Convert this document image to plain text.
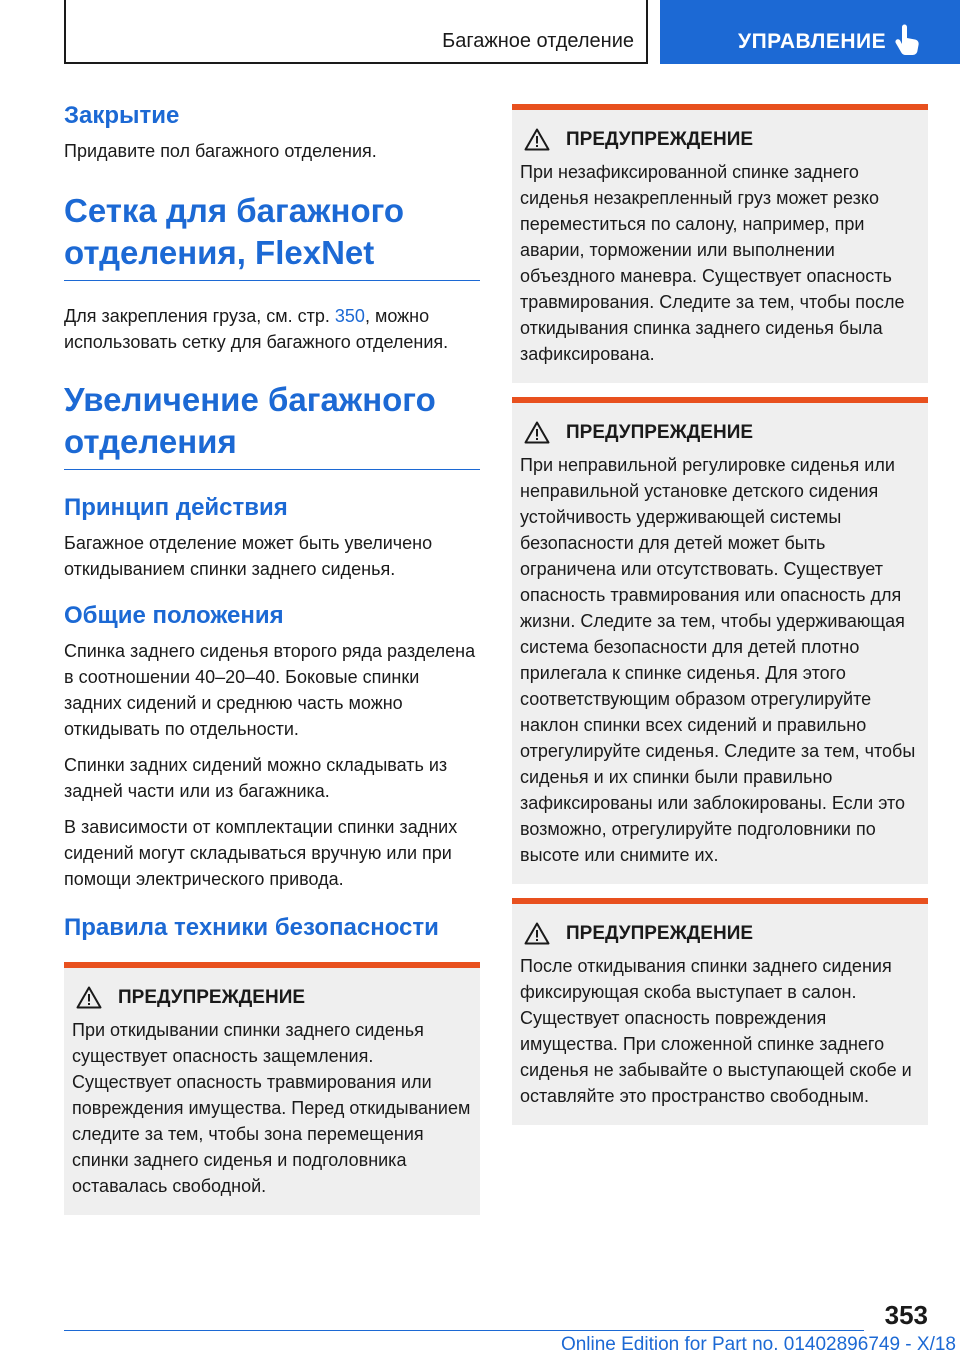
Багажное отделение	УПРАВЛЕНИЕ
Закрытие

Придавите пол багажного отделения.

Сетка для багажного отделения, FlexNet

Для закрепления груза, см. стр. 350, можно использовать сетку для багажного отделения.

Увеличение багажного отделения
Принцип действия

Багажное отделение может быть увеличено откидыванием спинки заднего сиденья.

Общие положения

Спинка заднего сиденья второго ряда разделена в соотношении 40–20–40. Боковые спинки задних сидений и среднюю часть можно откидывать по отдельности.

Спинки задних сидений можно складывать из задней части или из багажника.

В зависимости от комплектации спинки задних сидений могут складываться вручную или при помощи электрического привода.

Правила техники безопасности
ПРЕДУПРЕЖДЕНИЕ

При откидывании спинки заднего сиденья существует опасность защемления. Существует опасность травмирования или повреждения имущества. Перед откидыванием следите за тем, чтобы зона перемещения спинки заднего сиденья и подголовника оставалась свободной.

ПРЕДУПРЕЖДЕНИЕ

При незафиксированной спинке заднего сиденья незакрепленный груз может резко переместиться по салону, например, при аварии, торможении или выполнении объездного маневра. Существует опасность травмирования. Следите за тем, чтобы после откидывания спинка заднего сиденья была зафиксирована.

ПРЕДУПРЕЖДЕНИЕ

При неправильной регулировке сиденья или неправильной установке детского сидения устойчивость удерживающей системы безопасности для детей может быть ограничена или отсутствовать. Существует опасность травмирования или опасность для жизни. Следите за тем, чтобы удерживающая система безопасности для детей плотно прилегала к спинке сиденья. Для этого соответствующим образом отрегулируйте наклон спинки всех сидений и правильно отрегулируйте сиденья. Следите за тем, чтобы сиденья и их спинки были правильно зафиксированы или заблокированы. Если это возможно, отрегулируйте подголовники по высоте или снимите их.

ПРЕДУПРЕЖДЕНИЕ

После откидывания спинки заднего сидения фиксирующая скоба выступает в салон. Существует опасность повреждения имущества. При сложенной спинке заднего сиденья не забывайте о выступающей скобе и оставляйте это пространство свободным.

353
Online Edition for Part no. 01402896749 - X/18
